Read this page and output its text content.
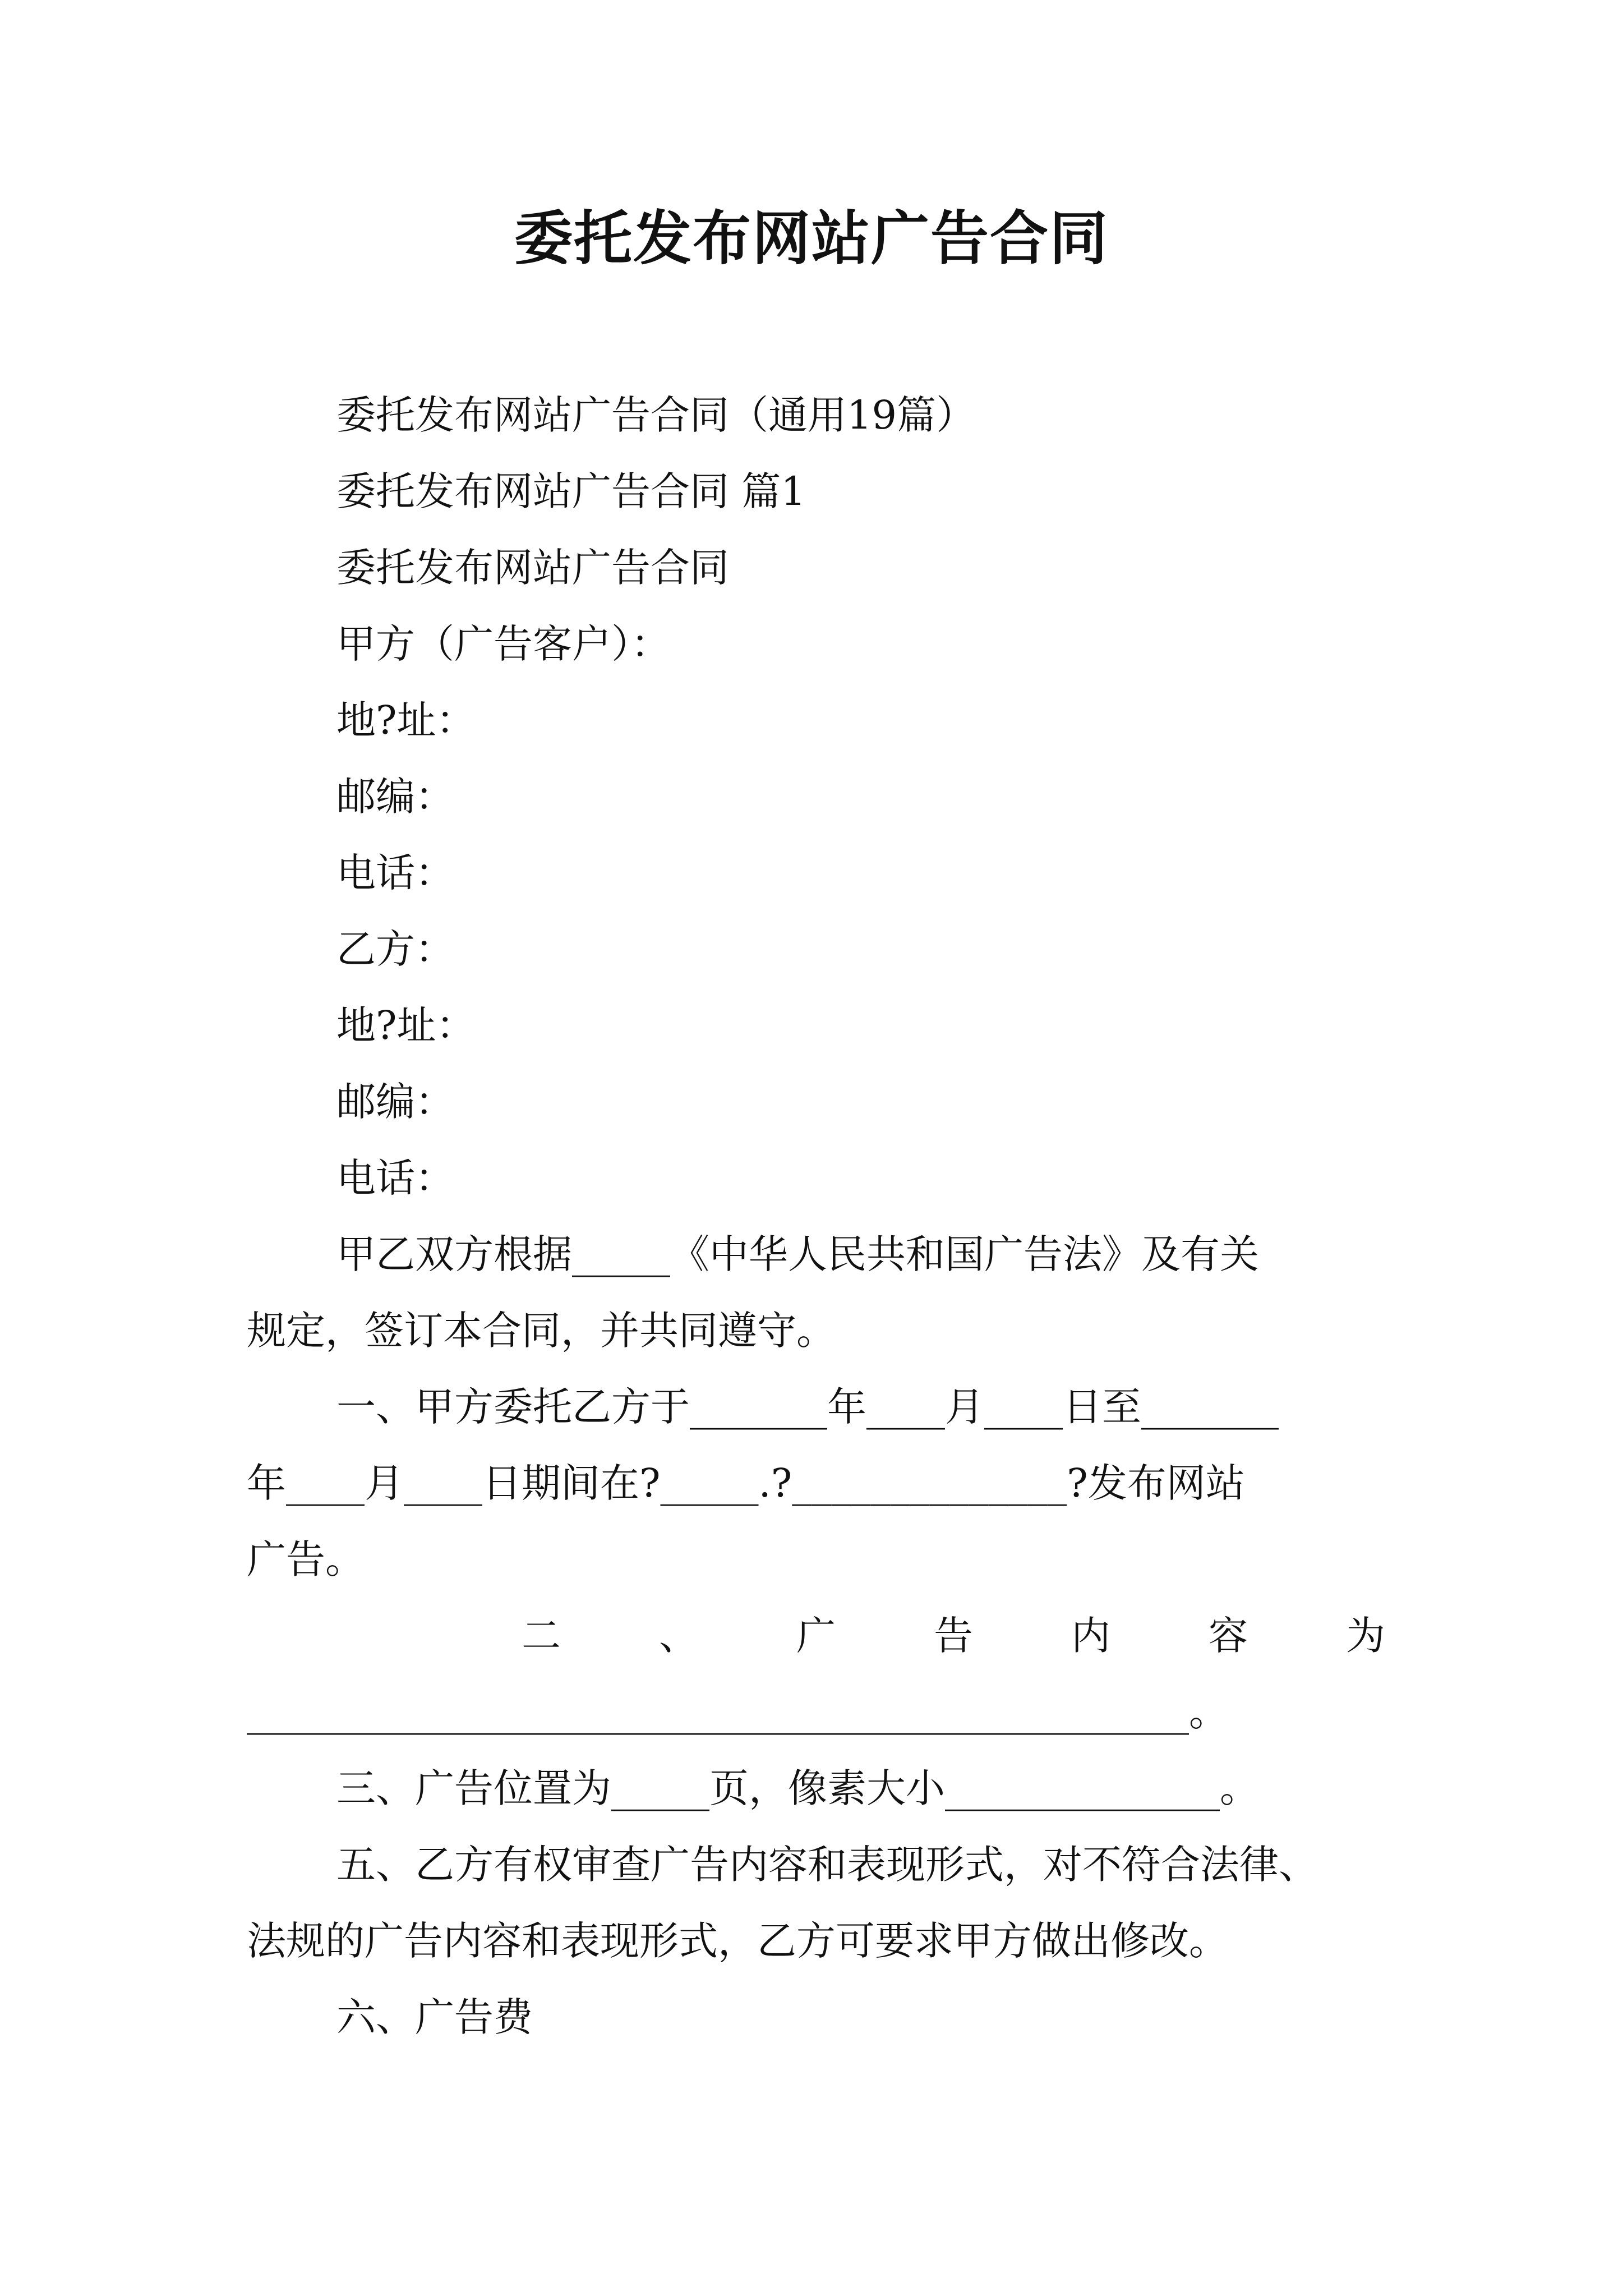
委托发布网站广告合同
委托发布网站广告合同（通用19篇）
委托发布网站广告合同 篇1
委托发布网站广告合同
甲方（广告客户）：
地?址：
邮编：
电话：
乙方：
地?址：
邮编：
电话：
甲乙双方根据_____《中华人民共和国广告法》及有关
规定，签订本合同，并共同遵守。
一、甲方委托乙方于_______年____月____日至_______
年____月____日期间在?_____.?______________?发布网站
广告。
二 、 广 告 内 容 为
________________________________________________。
三、广告位置为_____页，像素大小______________。
五、乙方有权审查广告内容和表现形式，对不符合法律、
法规的广告内容和表现形式，乙方可要求甲方做出修改。
六、广告费
